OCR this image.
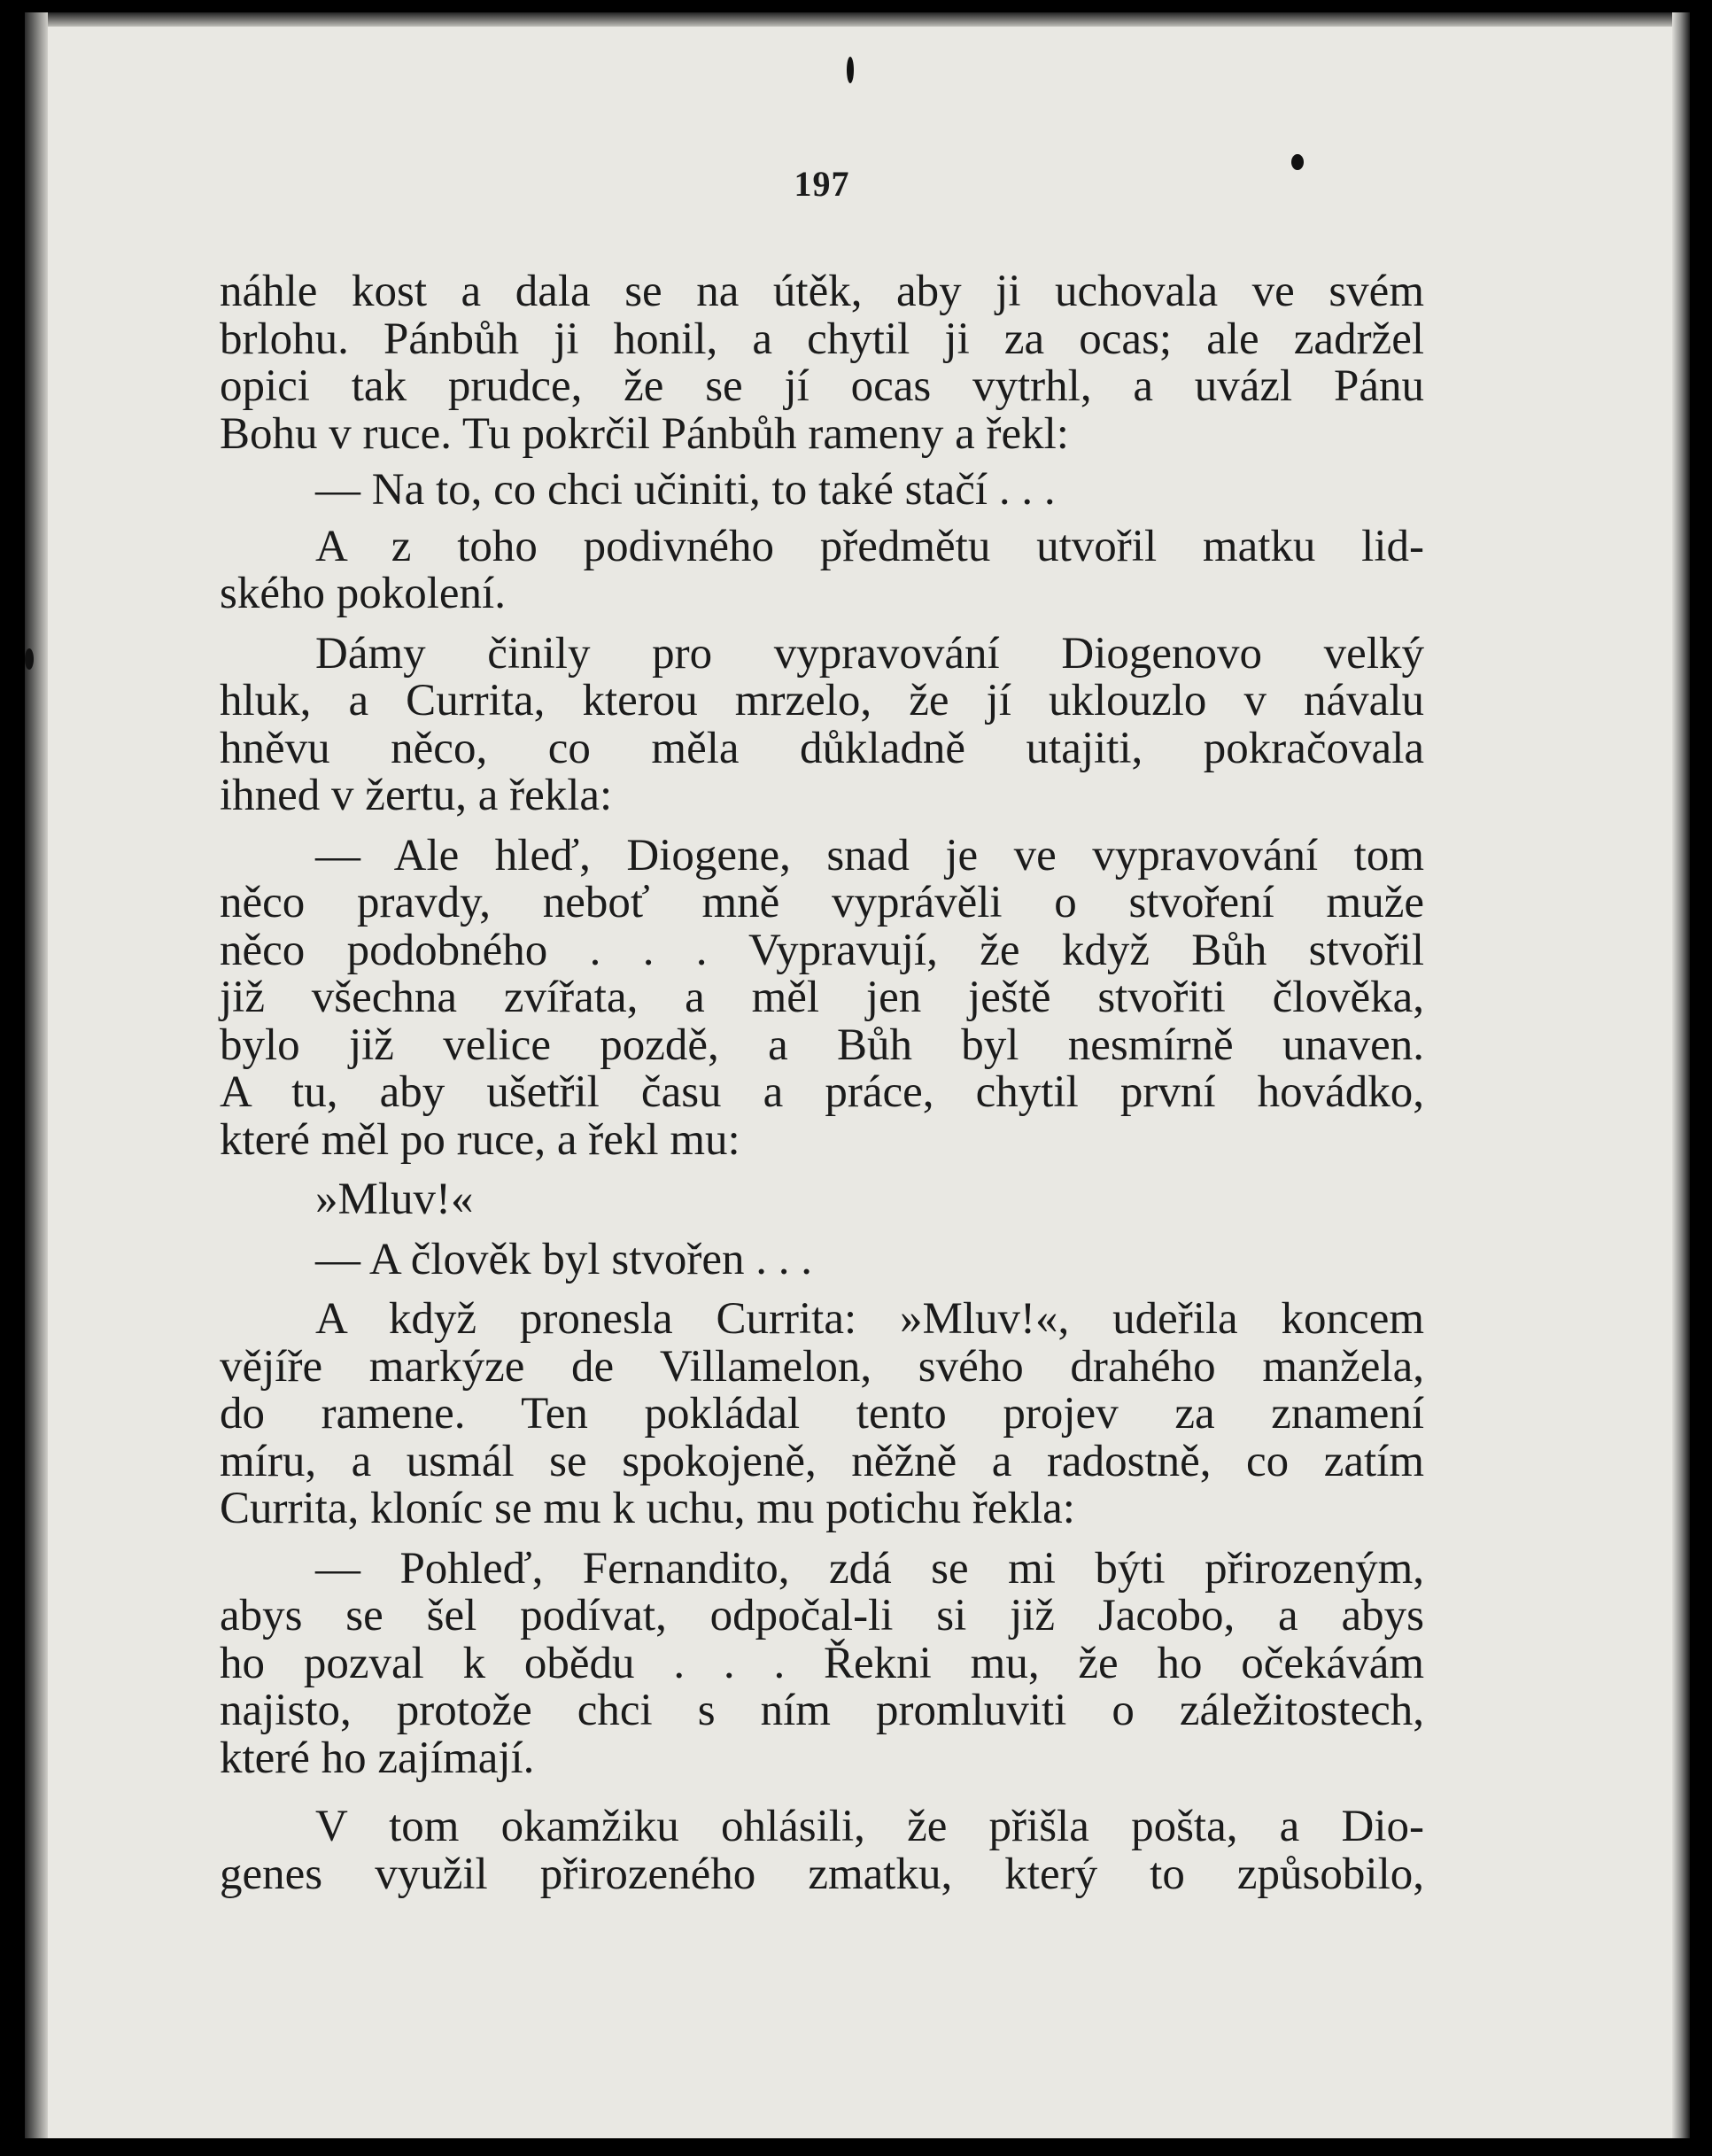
197
náhle kost a dala se na útěk, aby ji uchovala ve svém
brlohu. Pánbůh ji honil, a chytil ji za ocas; ale zadržel
opici tak prudce, že se jí ocas vytrhl, a uvázl Pánu
Bohu v ruce. Tu pokrčil Pánbůh rameny a řekl:
— Na to, co chci učiniti, to také stačí . . .
A z toho podivného předmětu utvořil matku lid-
ského pokolení.
Dámy činily pro vypravování Diogenovo velký
hluk, a Currita, kterou mrzelo, že jí uklouzlo v návalu
hněvu něco, co měla důkladně utajiti, pokračovala
ihned v žertu, a řekla:
— Ale hleď, Diogene, snad je ve vypravování tom
něco pravdy, neboť mně vyprávěli o stvoření muže
něco podobného . . . Vypravují, že když Bůh stvořil
již všechna zvířata, a měl jen ještě stvořiti člověka,
bylo již velice pozdě, a Bůh byl nesmírně unaven.
A tu, aby ušetřil času a práce, chytil první hovádko,
které měl po ruce, a řekl mu:
»Mluv!«
— A člověk byl stvořen . . .
A když pronesla Currita: »Mluv!«, udeřila koncem
vějíře markýze de Villamelon, svého drahého manžela,
do ramene. Ten pokládal tento projev za znamení
míru, a usmál se spokojeně, něžně a radostně, co zatím
Currita, kloníc se mu k uchu, mu potichu řekla:
— Pohleď, Fernandito, zdá se mi býti přirozeným,
abys se šel podívat, odpočal-li si již Jacobo, a abys
ho pozval k obědu . . . Řekni mu, že ho očekávám
najisto, protože chci s ním promluviti o záležitostech,
které ho zajímají.
V tom okamžiku ohlásili, že přišla pošta, a Dio-
genes využil přirozeného zmatku, který to způsobilo,
